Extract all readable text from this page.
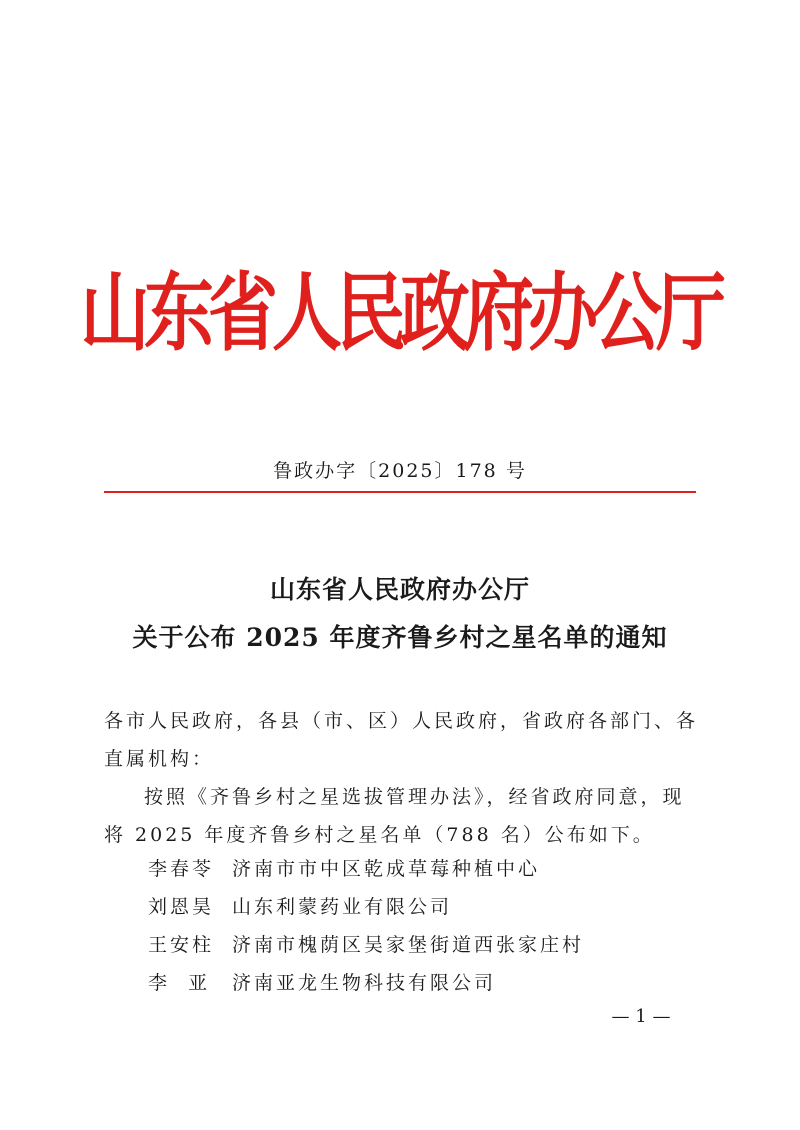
山东省人民政府办公厅
鲁政办字〔2025〕178 号
山东省人民政府办公厅
关于公布 2025 年度齐鲁乡村之星名单的通知
各市人民政府，各县（市、区）人民政府，省政府各部门、各直属机构：
按照《齐鲁乡村之星选拔管理办法》，经省政府同意，现将 2025 年度齐鲁乡村之星名单（788 名）公布如下。
李春苓 济南市市中区乾成草莓种植中心
刘恩昊 山东利蒙药业有限公司
王安柱 济南市槐荫区吴家堡街道西张家庄村
李  亚	济南亚龙生物科技有限公司
— 1 —
